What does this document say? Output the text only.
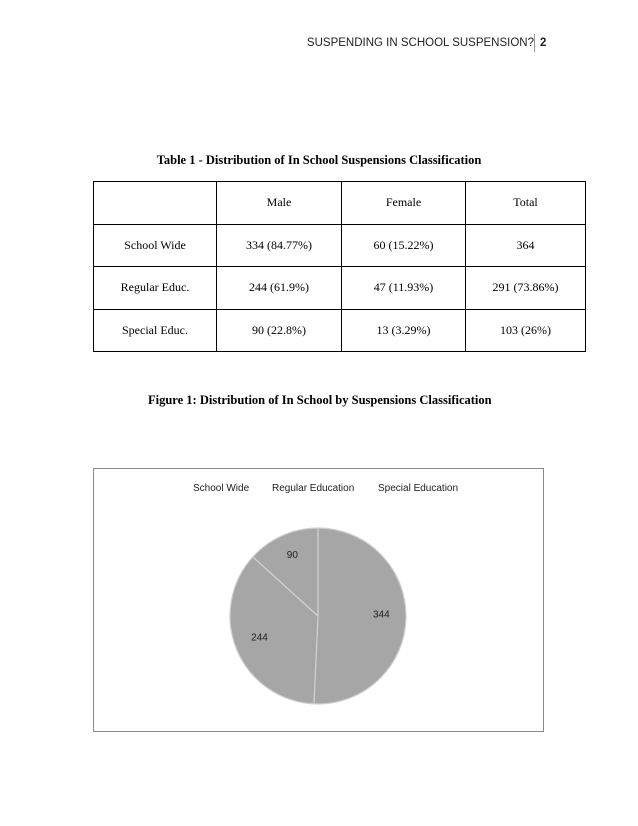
SUSPENDING IN SCHOOL SUSPENSION? 2
Table 1 - Distribution of In School Suspensions Classification
	Male	Female	Total
School Wide	334 (84.77%)	60 (15.22%)	364
Regular Educ.	244 (61.9%)	47 (11.93%)	291 (73.86%)
Special Educ.	90 (22.8%)	13 (3.29%)	103 (26%)
Figure 1: Distribution of In School by Suspensions Classification
School Wide Regular Education Special Education
344
244
90
